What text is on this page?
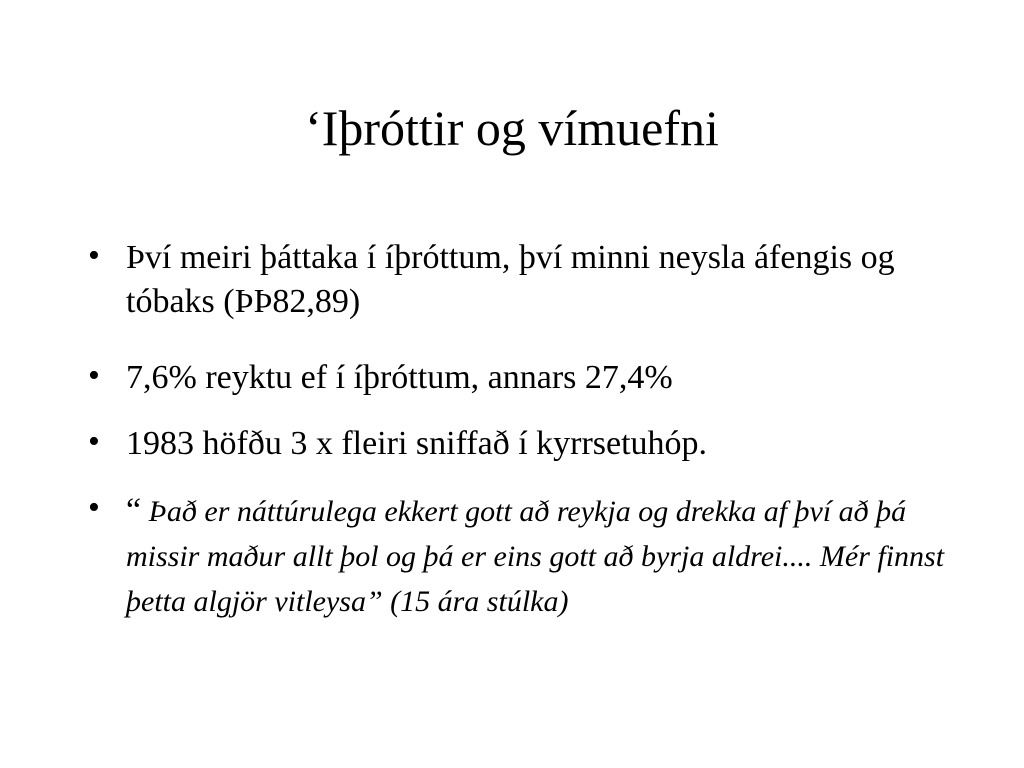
‘Iþróttir og vímuefni
• Því meiri þáttaka í íþróttum, því minni neysla áfengis og tóbaks (ÞÞ82,89)

• 7,6% reyktu ef í íþróttum, annars 27,4%

• 1983 höfðu 3 x fleiri sniffað í kyrrsetuhóp.

• “ Það er náttúrulega ekkert gott að reykja og drekka af því að þá missir maður allt þol og þá er eins gott að byrja aldrei.... Mér finnst þetta algjör vitleysa” (15 ára stúlka)
